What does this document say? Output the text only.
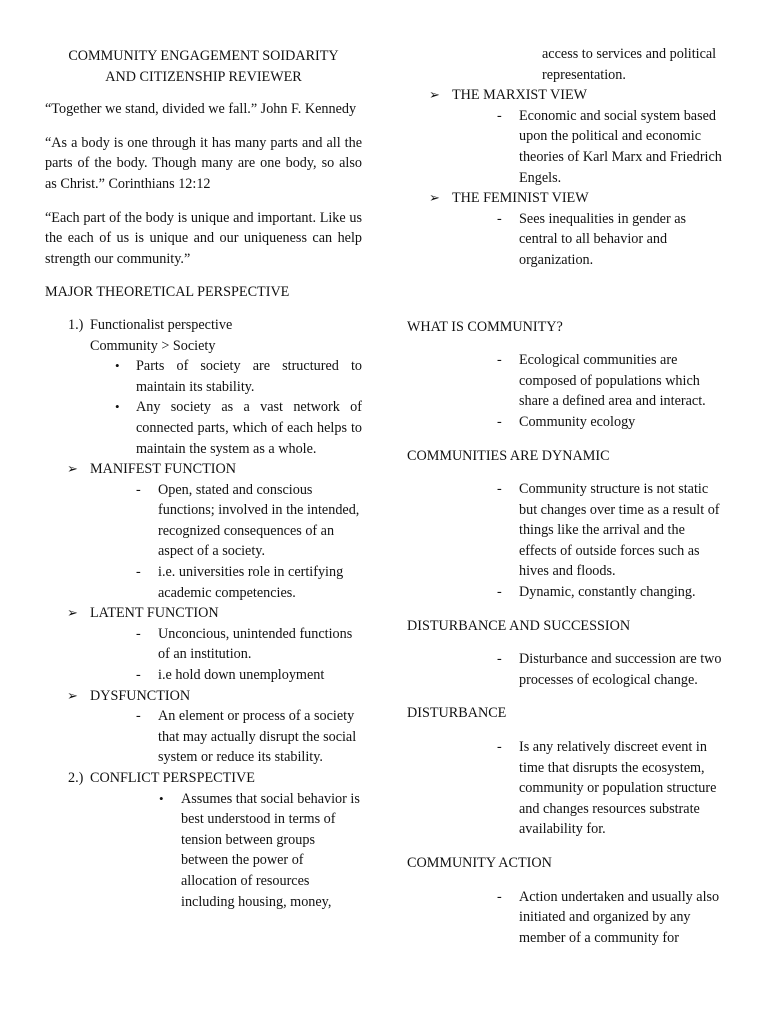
COMMUNITY ENGAGEMENT SOIDARITY
AND CITIZENSHIP REVIEWER

“Together we stand, divided we fall.” John F. Kennedy

“As a body is one through it has many parts and all the parts of the body. Though many are one body, so also as Christ.” Corinthians 12:12

“Each part of the body is unique and important. Like us the each of us is unique and our uniqueness can help strength our community.”

MAJOR THEORETICAL PERSPECTIVE

1.) Functionalist perspective
Community > Society
• Parts of society are structured to maintain its stability.
• Any society as a vast network of connected parts, which of each helps to maintain the system as a whole.
➢ MANIFEST FUNCTION
- Open, stated and conscious functions; involved in the intended, recognized consequences of an aspect of a society.
- i.e. universities role in certifying academic competencies.
➢ LATENT FUNCTION
- Unconcious, unintended functions of an institution.
- i.e hold down unemployment
➢ DYSFUNCTION
- An element or process of a society that may actually disrupt the social system or reduce its stability.
2.) CONFLICT PERSPECTIVE
• Assumes that social behavior is best understood in terms of tension between groups between the power of allocation of resources including housing, money,
access to services and political representation.
➢ THE MARXIST VIEW
- Economic and social system based upon the political and economic theories of Karl Marx and Friedrich Engels.
➢ THE FEMINIST VIEW
- Sees inequalities in gender as central to all behavior and organization.

WHAT IS COMMUNITY?

- Ecological communities are composed of populations which share a defined area and interact.
- Community ecology

COMMUNITIES ARE DYNAMIC

- Community structure is not static but changes over time as a result of things like the arrival and the effects of outside forces such as hives and floods.
- Dynamic, constantly changing.

DISTURBANCE AND SUCCESSION

- Disturbance and succession are two processes of ecological change.

DISTURBANCE

- Is any relatively discreet event in time that disrupts the ecosystem, community or population structure and changes resources substrate availability for.

COMMUNITY ACTION

- Action undertaken and usually also initiated and organized by any member of a community for
